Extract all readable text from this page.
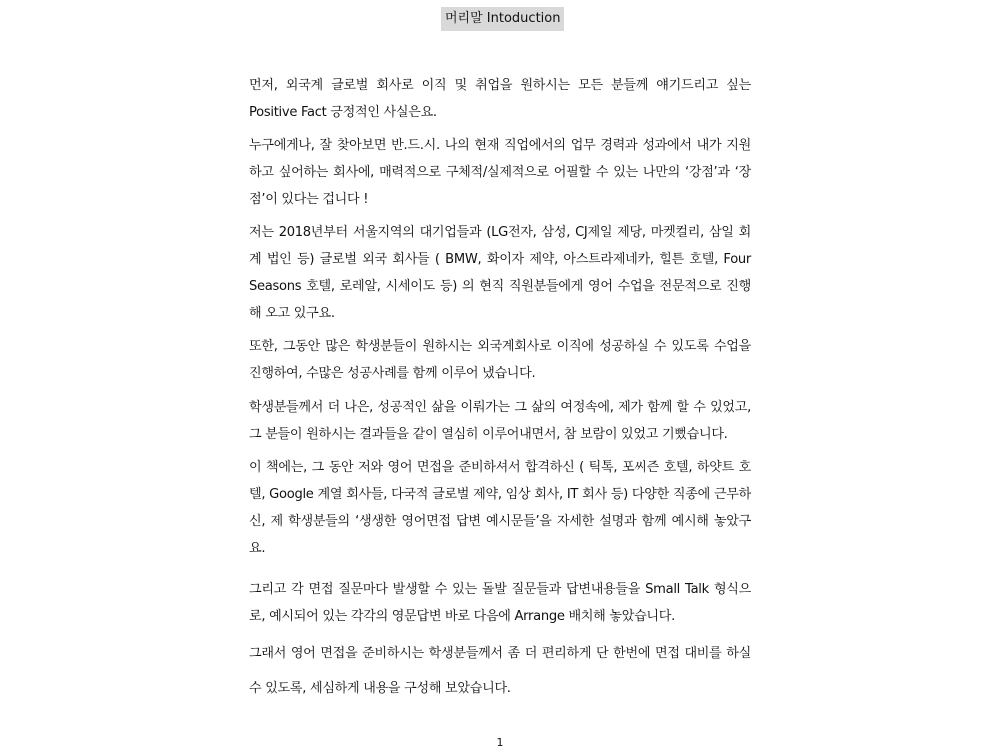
머리말 Intoduction

먼저, 외국계 글로벌 회사로 이직 및 취업을 원하시는 모든 분들께 얘기드리고 싶는 Positive Fact 긍정적인 사실은요.

누구에게나, 잘 찾아보면 반.드.시. 나의 현재 직업에서의 업무 경력과 성과에서 내가 지원하고 싶어하는 회사에, 매력적으로 구체적/실제적으로 어필할 수 있는 나만의 ‘강점’과 ‘장점’이 있다는 겁니다 !

저는 2018년부터 서울지역의 대기업들과 (LG전자, 삼성, CJ제일 제당, 마켓컬리, 삼일 회계 법인 등) 글로벌 외국 회사들 ( BMW, 화이자 제약, 아스트라제네카, 힐튼 호텔, Four Seasons 호텔, 로레알, 시세이도 등) 의 현직 직원분들에게 영어 수업을 전문적으로 진행해 오고 있구요.

또한, 그동안 많은 학생분들이 원하시는 외국계회사로 이직에 성공하실 수 있도록 수업을 진행하여, 수많은 성공사례를 함께 이루어 냈습니다.

학생분들께서 더 나은, 성공적인 삶을 이뤄가는 그 삶의 여정속에, 제가 함께 할 수 있었고, 그 분들이 원하시는 결과들을 같이 열심히 이루어내면서, 참 보람이 있었고 기뻤습니다.

이 책에는, 그 동안 저와 영어 면접을 준비하셔서 합격하신 ( 틱톡, 포씨즌 호텔, 하얏트 호텔, Google 계열 회사들, 다국적 글로벌 제약, 임상 회사, IT 회사 등) 다양한 직종에 근무하신, 제 학생분들의 ‘생생한 영어면접 답변 예시문들’을 자세한 설명과 함께 예시해 놓았구요.

그리고 각 면접 질문마다 발생할 수 있는 돌발 질문들과 답변내용들을 Small Talk 형식으로, 예시되어 있는 각각의 영문답변 바로 다음에 Arrange 배치해 놓았습니다.

그래서 영어 면접을 준비하시는 학생분들께서 좀 더 편리하게 단 한번에 면접 대비를 하실 수 있도록, 세심하게 내용을 구성해 보았습니다.

1
